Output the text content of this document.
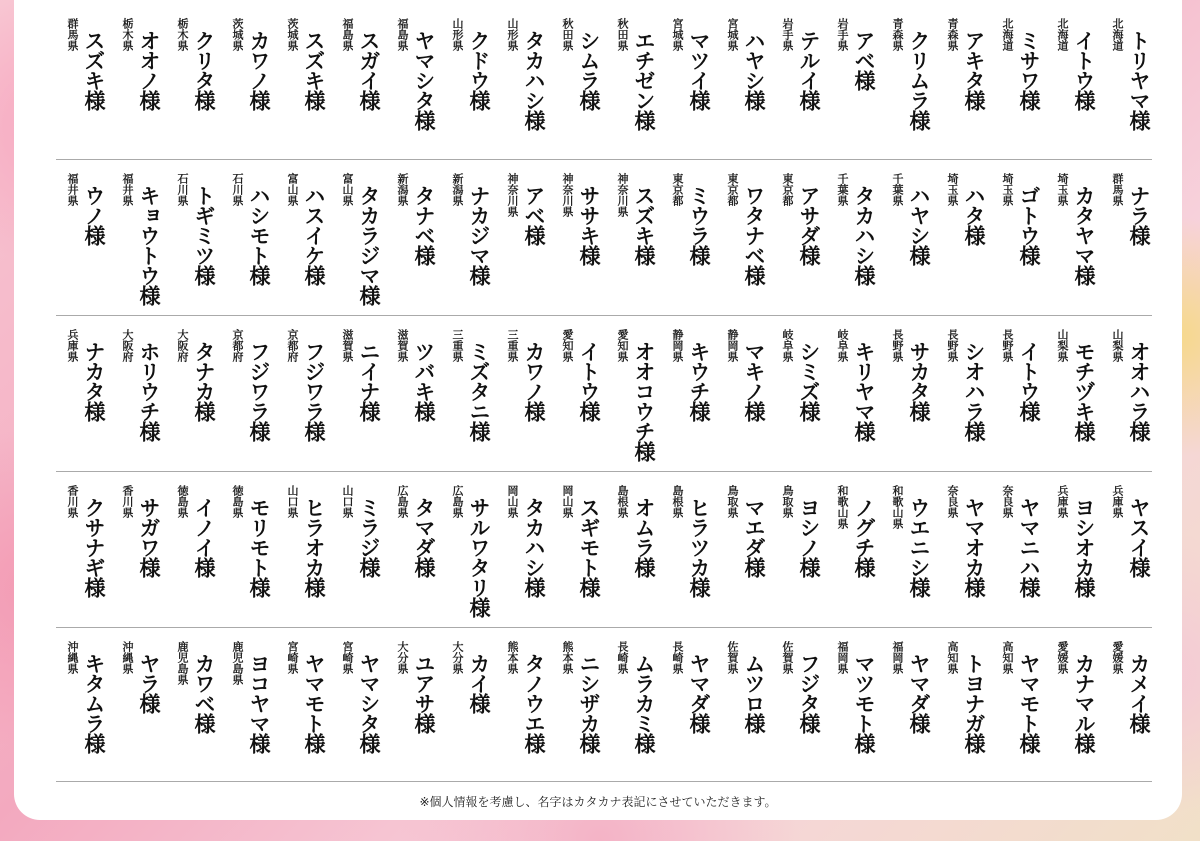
トリヤマ様
北海道
イトウ様
北海道
ミサワ様
北海道
アキタ様
青森県
クリムラ様
青森県
アベ様
岩手県
テルイ様
岩手県
ハヤシ様
宮城県
マツイ様
宮城県
エチゼン様
秋田県
シムラ様
秋田県
タカハシ様
山形県
クドウ様
山形県
ヤマシタ様
福島県
スガイ様
福島県
スズキ様
茨城県
カワノ様
茨城県
クリタ様
栃木県
オオノ様
栃木県
スズキ様
群馬県
ナラ様
群馬県
カタヤマ様
埼玉県
ゴトウ様
埼玉県
ハタ様
埼玉県
ハヤシ様
千葉県
タカハシ様
千葉県
アサダ様
東京都
ワタナベ様
東京都
ミウラ様
東京都
スズキ様
神奈川県
ササキ様
神奈川県
アベ様
神奈川県
ナカジマ様
新潟県
タナベ様
新潟県
タカラジマ様
富山県
ハスイケ様
富山県
ハシモト様
石川県
トギミツ様
石川県
キョウトウ様
福井県
ウノ様
福井県
オオハラ様
山梨県
モチヅキ様
山梨県
イトウ様
長野県
シオハラ様
長野県
サカタ様
長野県
キリヤマ様
岐阜県
シミズ様
岐阜県
マキノ様
静岡県
キウチ様
静岡県
オオコウチ様
愛知県
イトウ様
愛知県
カワノ様
三重県
ミズタニ様
三重県
ツバキ様
滋賀県
ニイナ様
滋賀県
フジワラ様
京都府
フジワラ様
京都府
タナカ様
大阪府
ホリウチ様
大阪府
ナカタ様
兵庫県
ヤスイ様
兵庫県
ヨシオカ様
兵庫県
ヤマニハ様
奈良県
ヤマオカ様
奈良県
ウエニシ様
和歌山県
ノグチ様
和歌山県
ヨシノ様
鳥取県
マエダ様
鳥取県
ヒラツカ様
島根県
オムラ様
島根県
スギモト様
岡山県
タカハシ様
岡山県
サルワタリ様
広島県
タマダ様
広島県
ミラジ様
山口県
ヒラオカ様
山口県
モリモト様
徳島県
イノイ様
徳島県
サガワ様
香川県
クサナギ様
香川県
カメイ様
愛媛県
カナマル様
愛媛県
ヤマモト様
高知県
トヨナガ様
高知県
ヤマダ様
福岡県
マツモト様
福岡県
フジタ様
佐賀県
ムツロ様
佐賀県
ヤマダ様
長崎県
ムラカミ様
長崎県
ニシザカ様
熊本県
タノウエ様
熊本県
カイ様
大分県
ユアサ様
大分県
ヤマシタ様
宮崎県
ヤマモト様
宮崎県
ヨコヤマ様
鹿児島県
カワベ様
鹿児島県
ヤラ様
沖縄県
キタムラ様
沖縄県
※個人情報を考慮し、名字はカタカナ表記にさせていただきます。
